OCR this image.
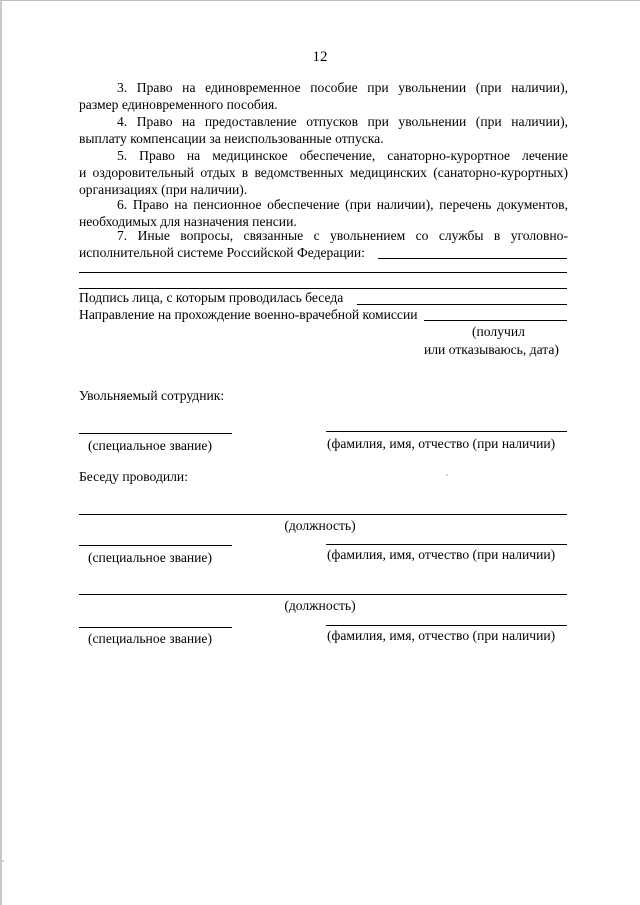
12
3. Право на единовременное пособие при увольнении (при наличии),
размер единовременного пособия.
4. Право на предоставление отпусков при увольнении (при наличии),
выплату компенсации за неиспользованные отпуска.
5. Право на медицинское обеспечение, санаторно-курортное лечение
и оздоровительный отдых в ведомственных медицинских (санаторно-курортных)
организациях (при наличии).
6. Право на пенсионное обеспечение (при наличии), перечень документов,
необходимых для назначения пенсии.
7. Иные вопросы, связанные с увольнением со службы в уголовно-
исполнительной системе Российской Федерации:
Подпись лица, с которым проводилась беседа
Направление на прохождение военно-врачебной комиссии
(получил
или отказываюсь, дата)
Увольняемый сотрудник:
(специальное звание)	(фамилия, имя, отчество (при наличии)
Беседу проводили:
(должность)
(специальное звание)	(фамилия, имя, отчество (при наличии)
(должность)
(специальное звание)	(фамилия, имя, отчество (при наличии)
